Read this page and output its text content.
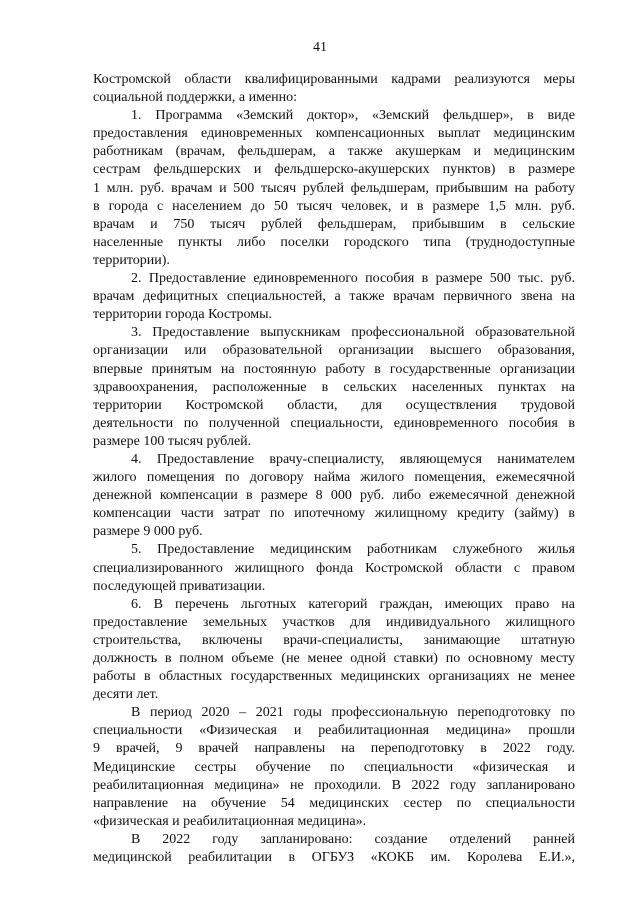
41
Костромской области квалифицированными кадрами реализуются меры
социальной поддержки, а именно:
1. Программа «Земский доктор», «Земский фельдшер», в виде
предоставления единовременных компенсационных выплат медицинским
работникам (врачам, фельдшерам, а также акушеркам и медицинским
сестрам фельдшерских и фельдшерско-акушерских пунктов) в размере
1 млн. руб. врачам и 500 тысяч рублей фельдшерам, прибывшим на работу
в города с населением до 50 тысяч человек, и в размере 1,5 млн. руб.
врачам и 750 тысяч рублей фельдшерам, прибывшим в сельские
населенные пункты либо поселки городского типа (труднодоступные
территории).
2. Предоставление единовременного пособия в размере 500 тыс. руб.
врачам дефицитных специальностей, а также врачам первичного звена на
территории города Костромы.
3. Предоставление выпускникам профессиональной образовательной
организации или образовательной организации высшего образования,
впервые принятым на постоянную работу в государственные организации
здравоохранения, расположенные в сельских населенных пунктах на
территории Костромской области, для осуществления трудовой
деятельности по полученной специальности, единовременного пособия в
размере 100 тысяч рублей.
4. Предоставление врачу-специалисту, являющемуся нанимателем
жилого помещения по договору найма жилого помещения, ежемесячной
денежной компенсации в размере 8 000 руб. либо ежемесячной денежной
компенсации части затрат по ипотечному жилищному кредиту (займу) в
размере 9 000 руб.
5. Предоставление медицинским работникам служебного жилья
специализированного жилищного фонда Костромской области с правом
последующей приватизации.
6. В перечень льготных категорий граждан, имеющих право на
предоставление земельных участков для индивидуального жилищного
строительства, включены врачи-специалисты, занимающие штатную
должность в полном объеме (не менее одной ставки) по основному месту
работы в областных государственных медицинских организациях не менее
десяти лет.
В период 2020 – 2021 годы профессиональную переподготовку по
специальности «Физическая и реабилитационная медицина» прошли
9 врачей, 9 врачей направлены на переподготовку в 2022 году.
Медицинские сестры обучение по специальности «физическая и
реабилитационная медицина» не проходили. В 2022 году запланировано
направление на обучение 54 медицинских сестер по специальности
«физическая и реабилитационная медицина».
В 2022 году запланировано: создание отделений ранней
медицинской реабилитации в ОГБУЗ «КОКБ им. Королева Е.И.»,
